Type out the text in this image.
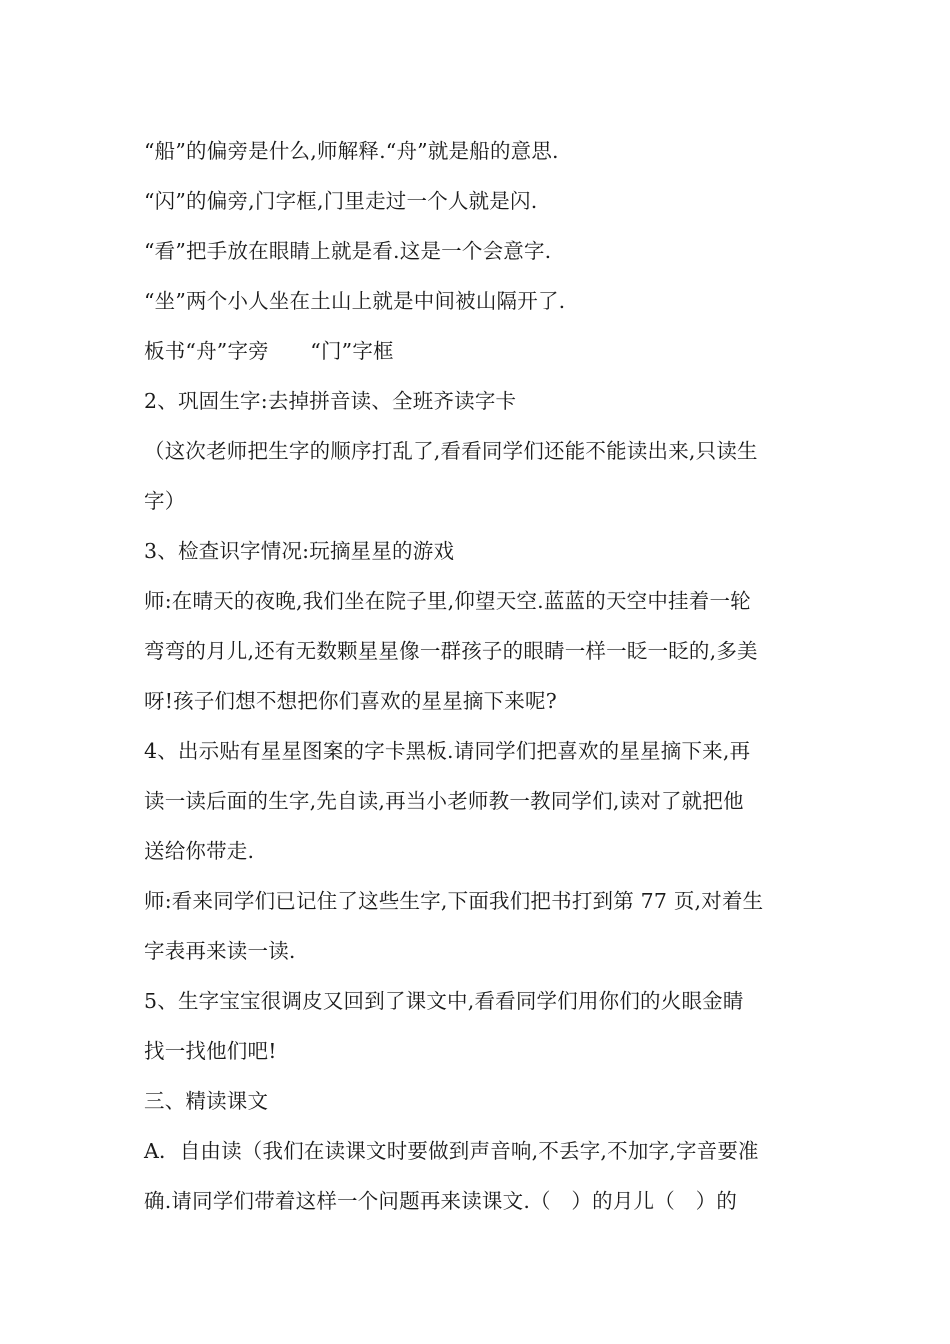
“船”的偏旁是什么,师解释.“舟”就是船的意思.
“闪”的偏旁,门字框,门里走过一个人就是闪.
“看”把手放在眼睛上就是看.这是一个会意字.
“坐”两个小人坐在土山上就是中间被山隔开了.
板书“舟”字旁　　“门”字框
2、巩固生字:去掉拼音读、全班齐读字卡
（这次老师把生字的顺序打乱了,看看同学们还能不能读出来,只读生
字）
3、检查识字情况:玩摘星星的游戏
师:在晴天的夜晚,我们坐在院子里,仰望天空.蓝蓝的天空中挂着一轮
弯弯的月儿,还有无数颗星星像一群孩子的眼睛一样一眨一眨的,多美
呀!孩子们想不想把你们喜欢的星星摘下来呢?
4、出示贴有星星图案的字卡黑板.请同学们把喜欢的星星摘下来,再
读一读后面的生字,先自读,再当小老师教一教同学们,读对了就把他
送给你带走.
师:看来同学们已记住了这些生字,下面我们把书打到第 77 页,对着生
字表再来读一读.
5、生字宝宝很调皮又回到了课文中,看看同学们用你们的火眼金睛
找一找他们吧!
三、精读课文
A．自由读（我们在读课文时要做到声音响,不丢字,不加字,字音要准
确.请同学们带着这样一个问题再来读课文.（　）的月儿（　）的
